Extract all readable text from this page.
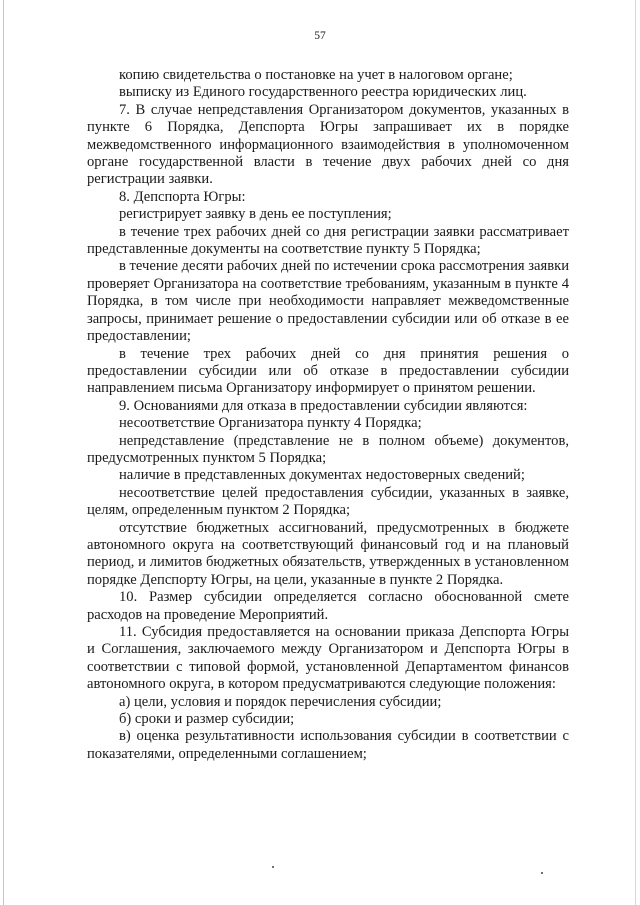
57

копию свидетельства о постановке на учет в налоговом органе;

выписку из Единого государственного реестра юридических лиц.

7. В случае непредставления Организатором документов, указанных в пункте 6 Порядка, Депспорта Югры запрашивает их в порядке межведомственного информационного взаимодействия в уполномоченном органе государственной власти в течение двух рабочих дней со дня регистрации заявки.

8. Депспорта Югры:

регистрирует заявку в день ее поступления;

в течение трех рабочих дней со дня регистрации заявки рассматривает представленные документы на соответствие пункту 5 Порядка;

в течение десяти рабочих дней по истечении срока рассмотрения заявки проверяет Организатора на соответствие требованиям, указанным в пункте 4 Порядка, в том числе при необходимости направляет межведомственные запросы, принимает решение о предоставлении субсидии или об отказе в ее предоставлении;

в течение трех рабочих дней со дня принятия решения о предоставлении субсидии или об отказе в предоставлении субсидии направлением письма Организатору информирует о принятом решении.

9. Основаниями для отказа в предоставлении субсидии являются:

несоответствие Организатора пункту 4 Порядка;

непредставление (представление не в полном объеме) документов, предусмотренных пунктом 5 Порядка;

наличие в представленных документах недостоверных сведений;

несоответствие целей предоставления субсидии, указанных в заявке, целям, определенным пунктом 2 Порядка;

отсутствие бюджетных ассигнований, предусмотренных в бюджете автономного округа на соответствующий финансовый год и на плановый период, и лимитов бюджетных обязательств, утвержденных в установленном порядке Депспорту Югры, на цели, указанные в пункте 2 Порядка.

10. Размер субсидии определяется согласно обоснованной смете расходов на проведение Мероприятий.

11. Субсидия предоставляется на основании приказа Депспорта Югры и Соглашения, заключаемого между Организатором и Депспорта Югры в соответствии с типовой формой, установленной Департаментом финансов автономного округа, в котором предусматриваются следующие положения:

а) цели, условия и порядок перечисления субсидии;

б) сроки и размер субсидии;

в) оценка результативности использования субсидии в соответствии с показателями, определенными соглашением;
